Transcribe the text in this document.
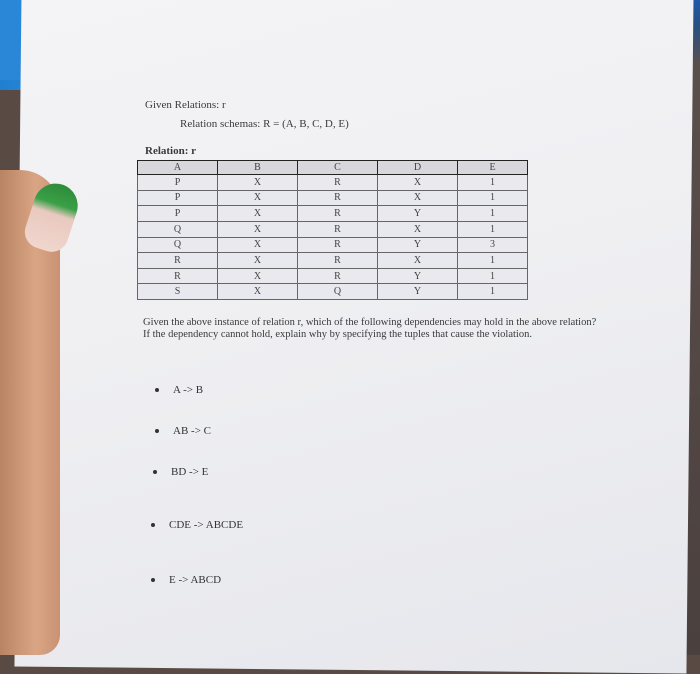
Given Relations: r
Relation schemas: R = (A, B, C, D, E)
Relation: r
A	B	C	D	E
P	X	R	X	1
P	X	R	X	1
P	X	R	Y	1
Q	X	R	X	1
Q	X	R	Y	3
R	X	R	X	1
R	X	R	Y	1
S	X	Q	Y	1
Given the above instance of relation r, which of the following dependencies may hold in the above relation? If the dependency cannot hold, explain why by specifying the tuples that cause the violation.
A -> B
AB -> C
BD -> E
CDE -> ABCDE
E -> ABCD
